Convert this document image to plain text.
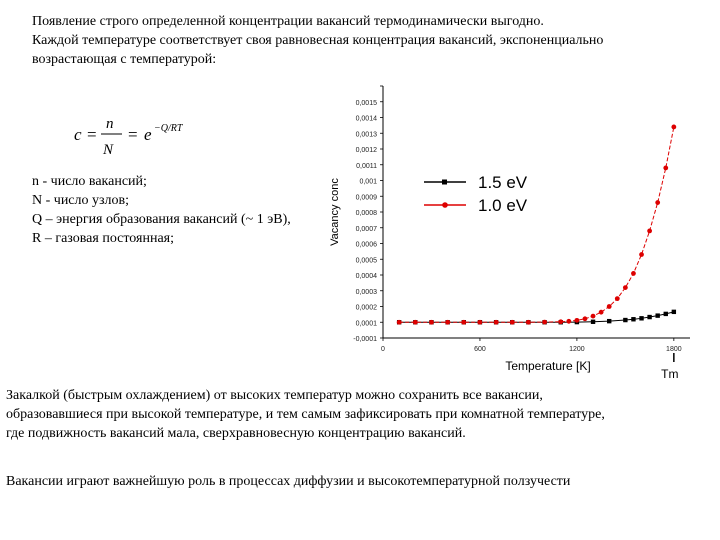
Появление строго определенной концентрации вакансий термодинамически выгодно.
Каждой температуре соответствует своя равновесная концентрация вакансий, экспоненциально
возрастающая с температурой:
c =
n
N
= e −Q/RT
n - число вакансий;
N - число узлов;
Q – энергия образования вакансий (~ 1 эВ),
R – газовая постоянная;
Закалкой (быстрым охлаждением) от высоких температур можно сохранить все вакансии,
образовавшиеся при высокой температуре, и тем самым зафиксировать при комнатной температуре,
где подвижность вакансий мала, сверхравновесную концентрацию вакансий.
Вакансии играют важнейшую роль в процессах диффузии и высокотемпературной ползучести
-0,0001
0,0001
0,0002
0,0003
0,0004
0,0005
0,0006
0,0007
0,0008
0,0009
0,001
0,0011
0,0012
0,0013
0,0014
0,0015
0	600	1200	1800
1.5 eV
1.0 eV
Vacancy conc
Temperature [K]
Tm
